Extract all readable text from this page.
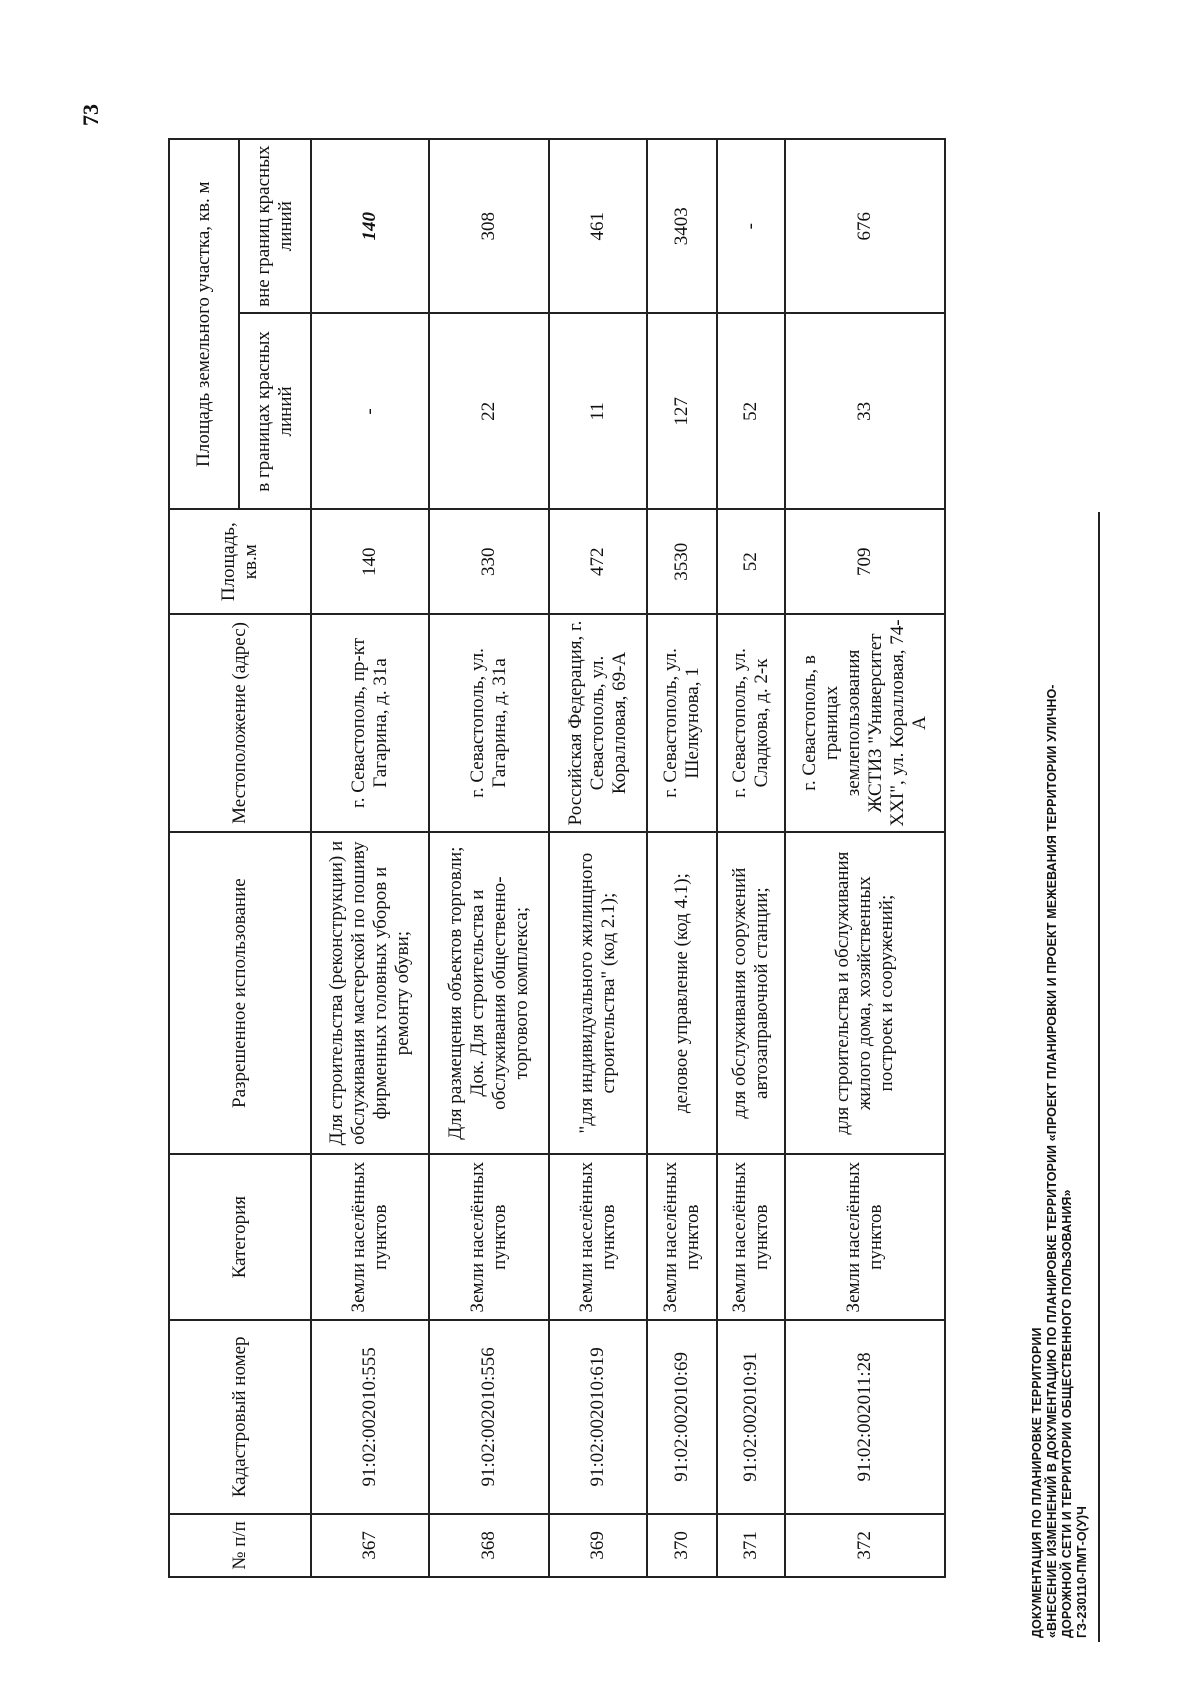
73
ДОКУМЕНТАЦИЯ ПО ПЛАНИРОВКЕ ТЕРРИТОРИИ «ВНЕСЕНИЕ ИЗМЕНЕНИЙ В ДОКУМЕНТАЦИЮ ПО ПЛАНИРОВКЕ ТЕРРИТОРИИ «ПРОЕКТ ПЛАНИРОВКИ И ПРОЕКТ МЕЖЕВАНИЯ ТЕРРИТОРИИ УЛИЧНО- ДОРОЖНОЙ СЕТИ И ТЕРРИТОРИИ ОБЩЕСТВЕННОГО ПОЛЬЗОВАНИЯ» ГЗ-230110-ПМТ-О(У)Ч
№ п/п	Кадастровый номер	Категория	Разрешенное использование	Местоположение (адрес)	Площадь, кв.м	Площадь земельного участка, кв. м	
						в границах красных линий	вне границ красных линий
367	91:02:002010:555	Земли населённых пунктов	Для строительства (реконструкции) и обслуживания мастерской по пошиву фирменных головных уборов и ремонту обуви;	г. Севастополь, пр-кт Гагарина, д. 31а	140	-	140
368	91:02:002010:556	Земли населённых пунктов	Для размещения объектов торговли; Док. Для строительства и обслуживания общественно-торгового комплекса;	г. Севастополь, ул. Гагарина, д. 31а	330	22	308
369	91:02:002010:619	Земли населённых пунктов	"для индивидуального жилищного строительства" (код 2.1);	Российская Федерация, г. Севастополь, ул. Коралловая, 69-А	472	11	461
370	91:02:002010:69	Земли населённых пунктов	деловое управление (код 4.1);	г. Севастополь, ул. Шелкунова, 1	3530	127	3403
371	91:02:002010:91	Земли населённых пунктов	для обслуживания сооружений автозаправочной станции;	г. Севастополь, ул. Сладкова, д. 2-к	52	52	-
372	91:02:002011:28	Земли населённых пунктов	для строительства и обслуживания жилого дома, хозяйственных построек и сооружений;	г. Севастополь, в границах землепользования ЖСТИЗ "Университет XXI", ул. Коралловая, 74-А	709	33	676
